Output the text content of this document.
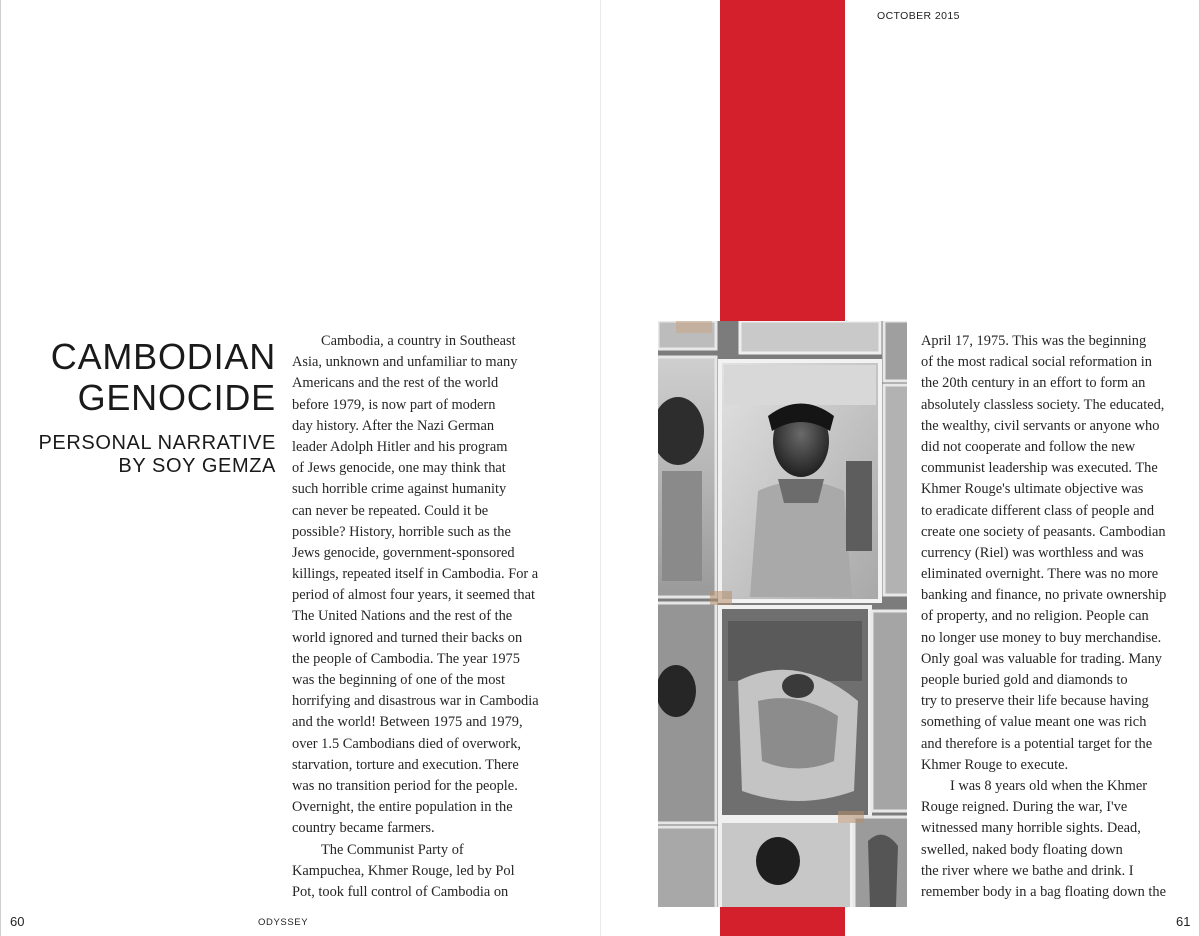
OCTOBER 2015
CAMBODIAN
GENOCIDE
PERSONAL NARRATIVE
BY SOY GEMZA
Cambodia, a country in Southeast
Asia, unknown and unfamiliar to many
Americans and the rest of the world
before 1979, is now part of modern
day history. After the Nazi German
leader Adolph Hitler and his program
of Jews genocide, one may think that
such horrible crime against humanity
can never be repeated. Could it be
possible? History, horrible such as the
Jews genocide, government-sponsored
killings, repeated itself in Cambodia. For a
period of almost four years, it seemed that
The United Nations and the rest of the
world ignored and turned their backs on
the people of Cambodia. The year 1975
was the beginning of one of the most
horrifying and disastrous war in Cambodia
and the world! Between 1975 and 1979,
over 1.5 Cambodians died of overwork,
starvation, torture and execution. There
was no transition period for the people.
Overnight, the entire population in the
country became farmers.
The Communist Party of
Kampuchea, Khmer Rouge, led by Pol
Pot, took full control of Cambodia on
April 17, 1975. This was the beginning
of the most radical social reformation in
the 20th century in an effort to form an
absolutely classless society. The educated,
the wealthy, civil servants or anyone who
did not cooperate and follow the new
communist leadership was executed. The
Khmer Rouge's ultimate objective was
to eradicate different class of people and
create one society of peasants. Cambodian
currency (Riel) was worthless and was
eliminated overnight. There was no more
banking and finance, no private ownership
of property, and no religion. People can
no longer use money to buy merchandise.
Only goal was valuable for trading. Many
people buried gold and diamonds to
try to preserve their life because having
something of value meant one was rich
and therefore is a potential target for the
Khmer Rouge to execute.
I was 8 years old when the Khmer
Rouge reigned. During the war, I've
witnessed many horrible sights. Dead,
swelled, naked body floating down
the river where we bathe and drink. I
remember body in a bag floating down the
60	ODYSSEY	61
